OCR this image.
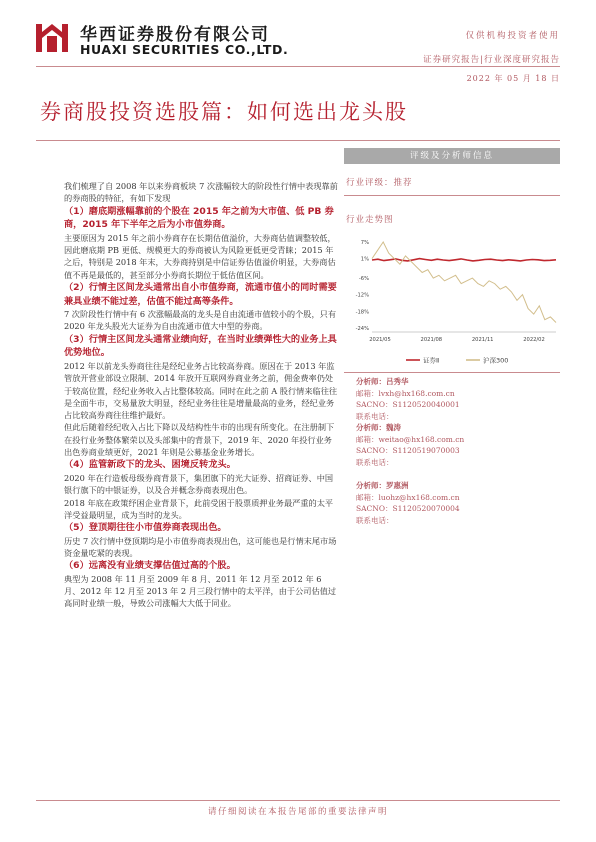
华西证券股份有限公司
HUAXI SECURITIES CO.,LTD.
仅供机构投资者使用
证券研究报告|行业深度研究报告
2022 年 05 月 18 日
券商股投资选股篇：如何选出龙头股

我们梳理了自 2008 年以来券商板块 7 次涨幅较大的阶段性行情中表现靠前的券商股的特征，有如下发现

（1）磨底期涨幅靠前的个股在 2015 年之前为大市值、低 PB 券商，2015 年下半年之后为小市值券商。

主要原因为 2015 年之前小券商存在长期估值溢价，大券商估值调整较低，因此磨底期 PB 更低、规模更大的券商被认为风险更低更受青睐；2015 年之后，特别是 2018 年末，大券商持别是中信证券估值溢价明显，大券商估值不再是最低的，甚至部分小券商长期位于低估值区间。

（2）行情主区间龙头通常出自小市值券商，流通市值小的同时需要兼具业绩不能过差，估值不能过高等条件。

7 次阶段性行情中有 6 次涨幅最高的龙头是自由流通市值较小的个股，只有 2020 年龙头股光大证券为自由流通市值大中型的券商。

（3）行情主区间龙头通常业绩向好，在当时业绩弹性大的业务上具优势地位。

2012 年以前龙头券商往往是经纪业务占比较高券商。原因在于 2013 年监管放开营业部设立限制、2014 年放开互联网券商业务之前，佣金费率仍处于较高位置，经纪业务收入占比整体较高。同时在此之前 A 股行情来临往往是全面牛市，交易量放大明显，经纪业务往往是增量最高的业务，经纪业务占比较高券商往往维护最好。

但此后随着经纪收入占比下降以及结构性牛市的出现有所变化。在注册制下在投行业务整体繁荣以及头部集中的背景下，2019 年、2020 年投行业务出色券商业绩更好，2021 年则是公募基金业务增长。

（4）监管新政下的龙头、困境反转龙头。

2020 年在行造板母级券商背景下，集团旗下的光大证券、招商证券、中国银行旗下的中银证券，以及合并概念券商表现出色。

2018 年底在政策纾困企业背景下，此前受困于股票质押业务最严重的太平洋受益最明显，成为当时的龙头。

（5）登顶期往往小市值券商表现出色。

历史 7 次行情中登顶期均是小市值券商表现出色，这可能也是行情末尾市场资金量吃紧的表现。

（6）远离没有业绩支撑估值过高的个股。

典型为 2008 年 11 月至 2009 年 8 月、2011 年 12 月至 2012 年 6 月、2012 年 12 月至 2013 年 2 月三段行情中的太平洋，由于公司估值过高同时业绩一般，导致公司涨幅大大低于同业。

评级及分析师信息
行业评级：推荐
行业走势图
7%
1%
-6%
-12%
-18%
-24%
2021/05	2021/08	2021/11	2022/02
证券Ⅱ	沪深300
分析师：吕秀华
邮箱：lvxh@hx168.com.cn
SACNO：S1120520040001
联系电话：
分析师：魏涛
邮箱：weitao@hx168.com.cn
SACNO：S1120519070003
联系电话：
分析师：罗惠洲
邮箱：luohz@hx168.com.cn
SACNO：S1120520070004
联系电话：
请仔细阅读在本报告尾部的重要法律声明
